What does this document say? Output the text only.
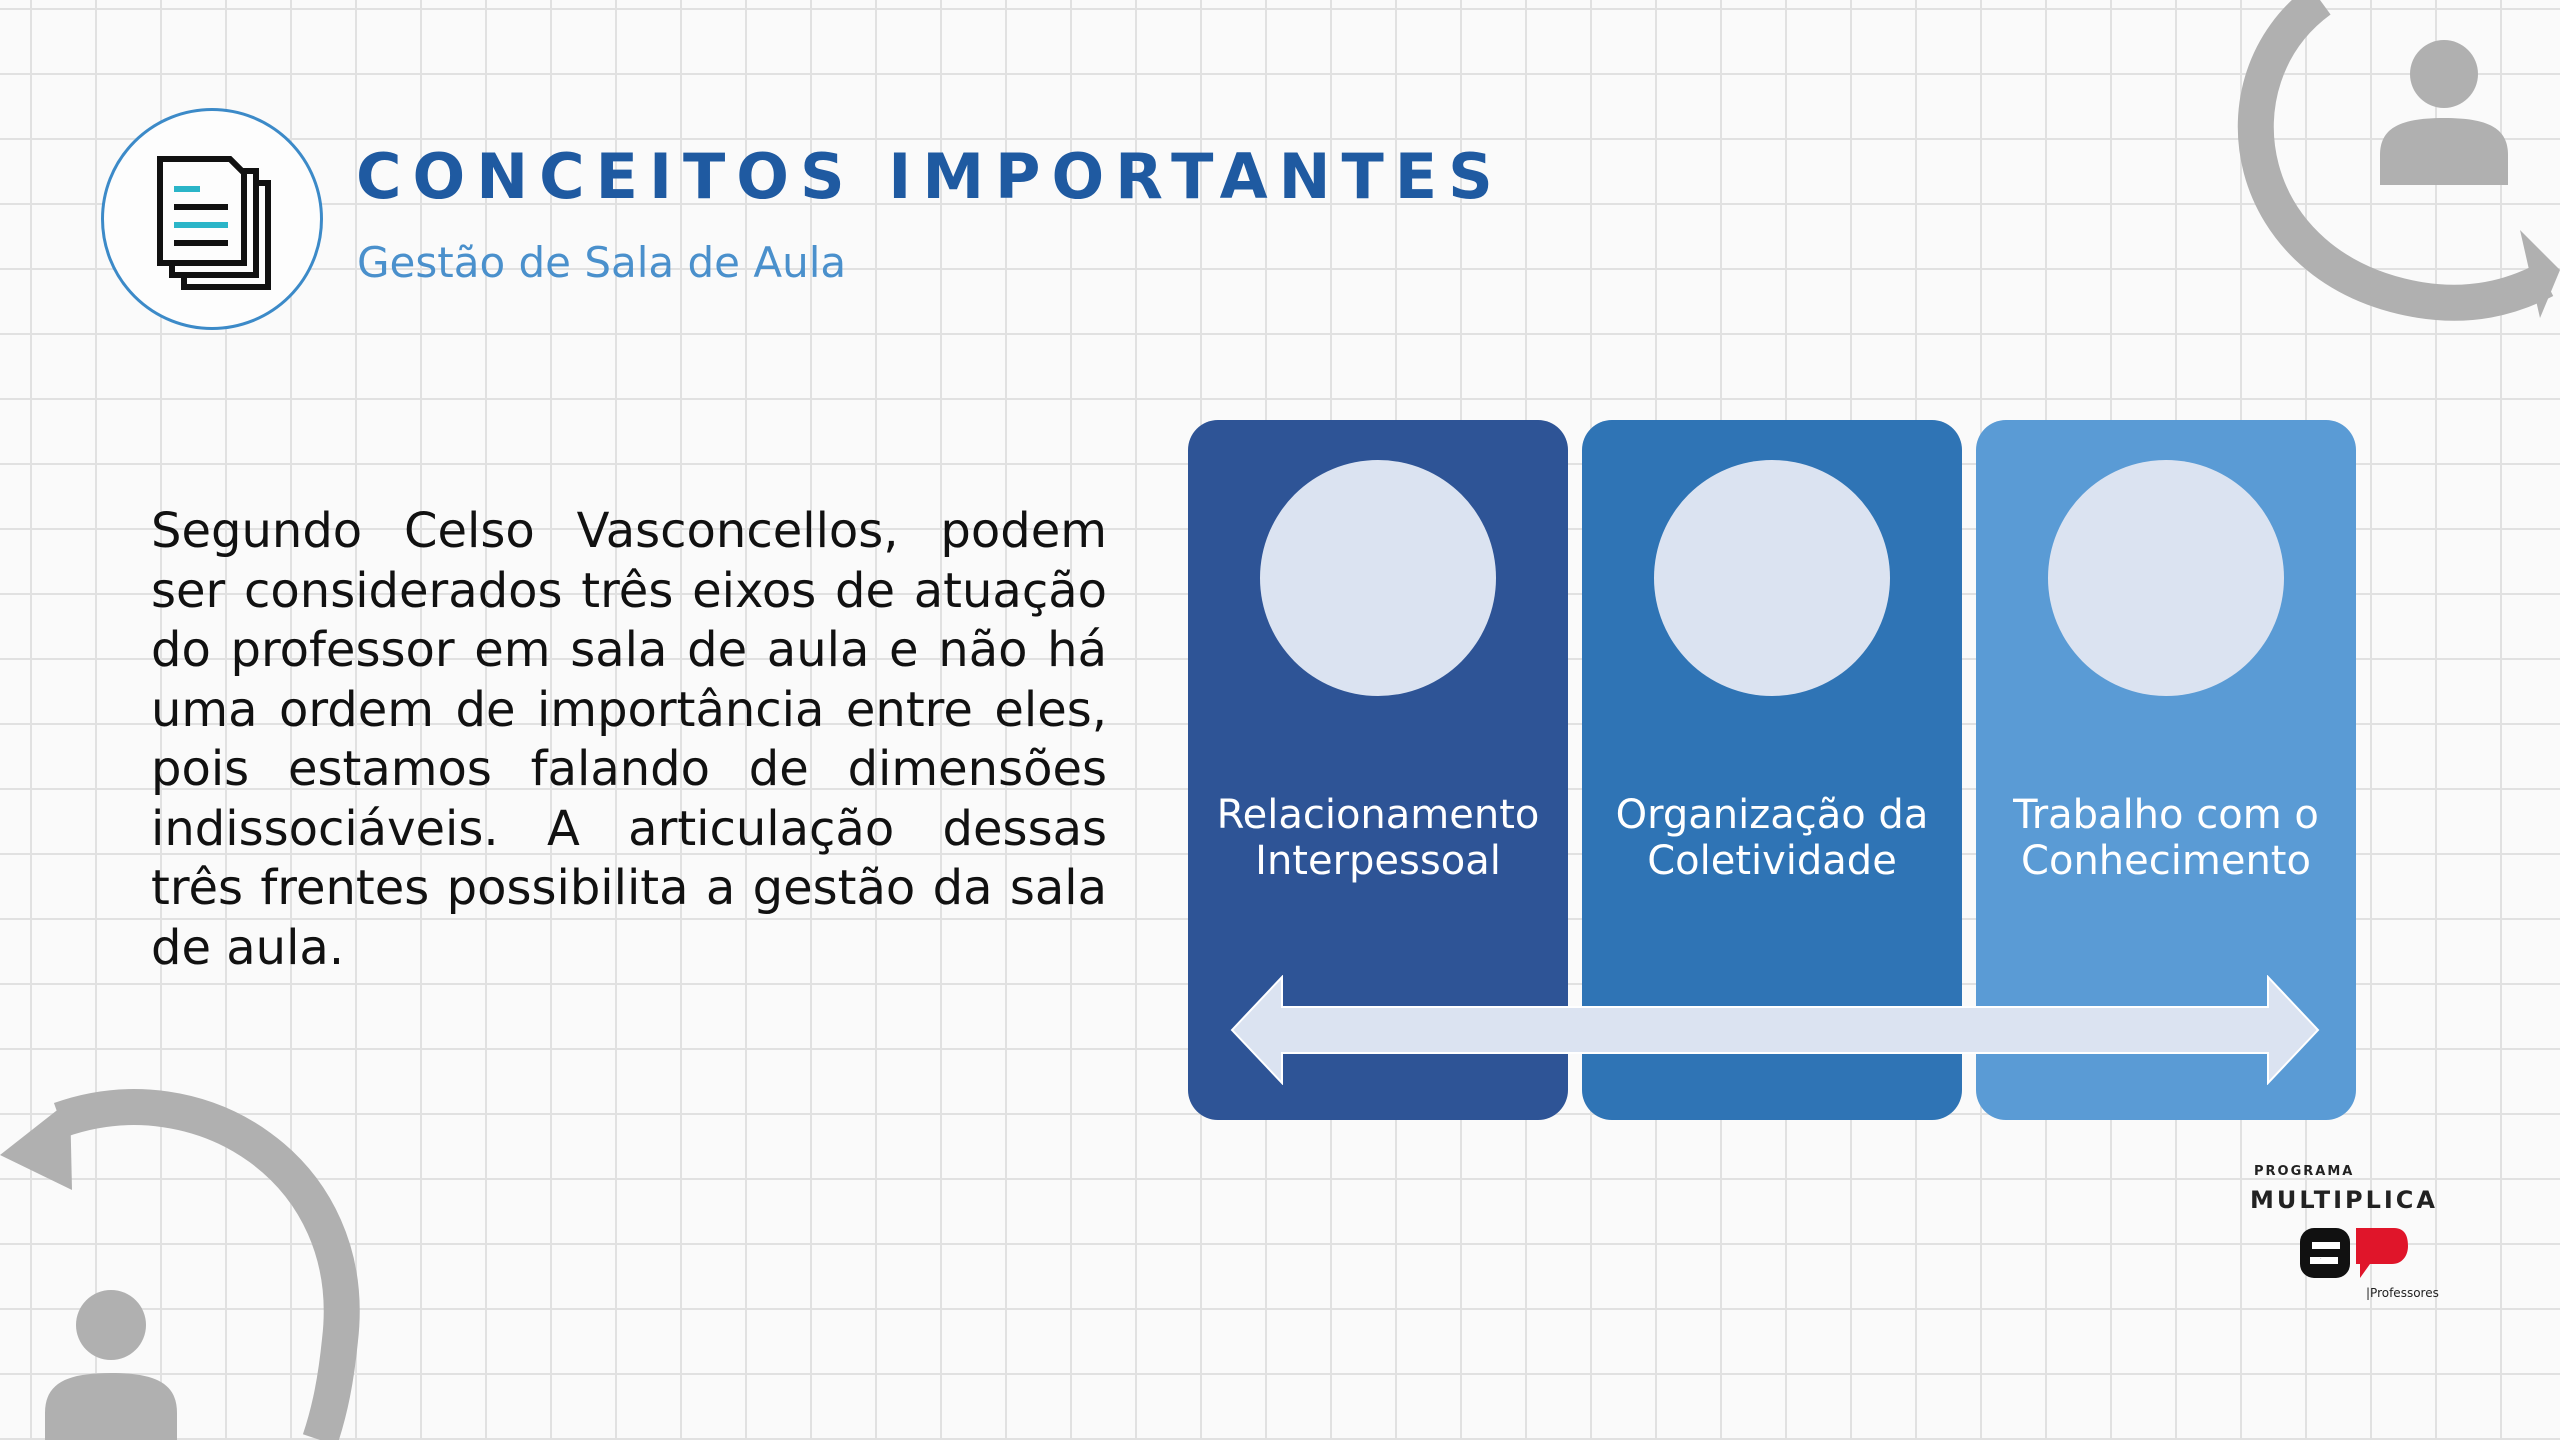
CONCEITOS IMPORTANTES
Gestão de Sala de Aula

Segundo Celso Vasconcellos, podem ser considerados três eixos de atuação do professor em sala de aula e não há uma ordem de importância entre eles, pois estamos falando de dimensões indissociáveis. A articulação dessas três frentes possibilita a gestão da sala de aula.

Relacionamento
Interpessoal
Organização da
Coletividade
Trabalho com o
Conhecimento
PROGRAMA
MULTIPLICA
SP
|Professores
